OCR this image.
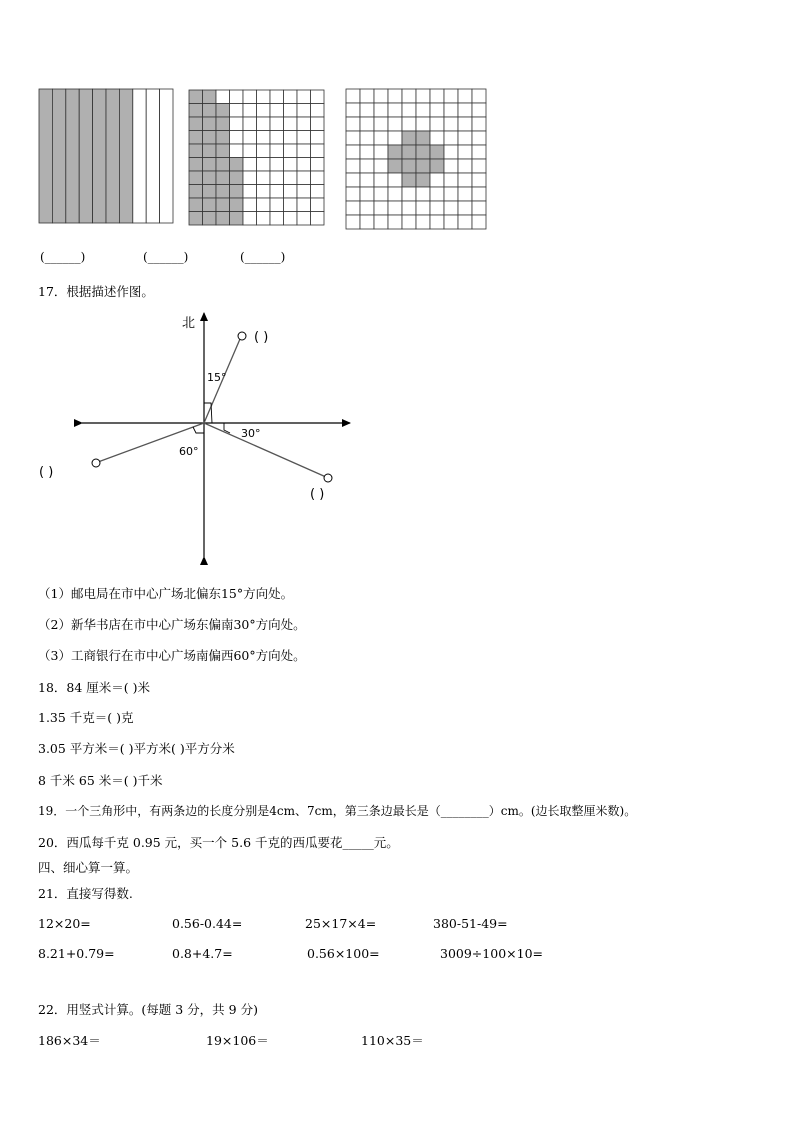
(______)	(______)	(______)
17．根据描述作图。
北
15°
( )
30°
( )
60°
( )
（1）邮电局在市中心广场北偏东15°方向处。
（2）新华书店在市中心广场东偏南30°方向处。
（3）工商银行在市中心广场南偏西60°方向处。
18．84 厘米＝( )米
1.35 千克＝( )克
3.05 平方米＝( )平方米( )平方分米
8 千米 65 米＝( )千米
19．一个三角形中，有两条边的长度分别是4cm、7cm，第三条边最长是（________）cm。(边长取整厘米数)。
20．西瓜每千克 0.95 元，买一个 5.6 千克的西瓜要花_____元。
四、细心算一算。
21．直接写得数.
12×20=	0.56-0.44=	25×17×4=	380-51-49=
8.21+0.79=	0.8+4.7=	0.56×100=	3009÷100×10=
22．用竖式计算。(每题 3 分，共 9 分)
186×34＝	19×106＝	110×35＝
